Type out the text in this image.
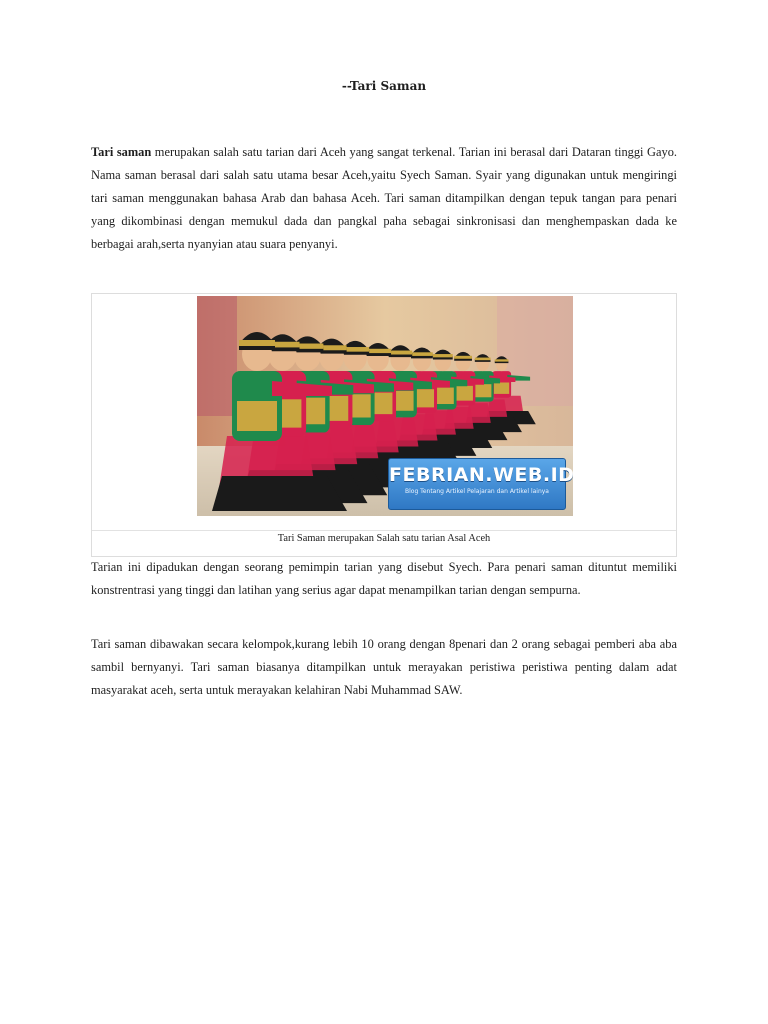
--Tari Saman

Tari saman merupakan salah satu tarian dari Aceh yang sangat terkenal. Tarian ini berasal dari Dataran tinggi Gayo. Nama saman berasal dari salah satu utama besar Aceh,yaitu Syech Saman. Syair yang digunakan untuk mengiringi tari saman menggunakan bahasa Arab dan bahasa Aceh. Tari saman ditampilkan dengan tepuk tangan para penari yang dikombinasi dengan memukul dada dan pangkal paha sebagai sinkronisasi dan menghempaskan dada ke berbagai arah,serta nyanyian atau suara penyanyi.

FEBRIAN.WEB.ID
Blog Tentang Artikel Pelajaran dan Artikel lainya
Tari Saman merupakan Salah satu tarian Asal Aceh

Tarian ini dipadukan dengan seorang pemimpin tarian yang disebut Syech. Para penari saman dituntut memiliki konstrentrasi yang tinggi dan latihan yang serius agar dapat menampilkan tarian dengan sempurna.

Tari saman dibawakan secara kelompok,kurang lebih 10 orang dengan 8penari dan 2 orang sebagai pemberi aba aba sambil bernyanyi. Tari saman biasanya ditampilkan untuk merayakan peristiwa peristiwa penting dalam adat masyarakat aceh, serta untuk merayakan kelahiran Nabi Muhammad SAW.
